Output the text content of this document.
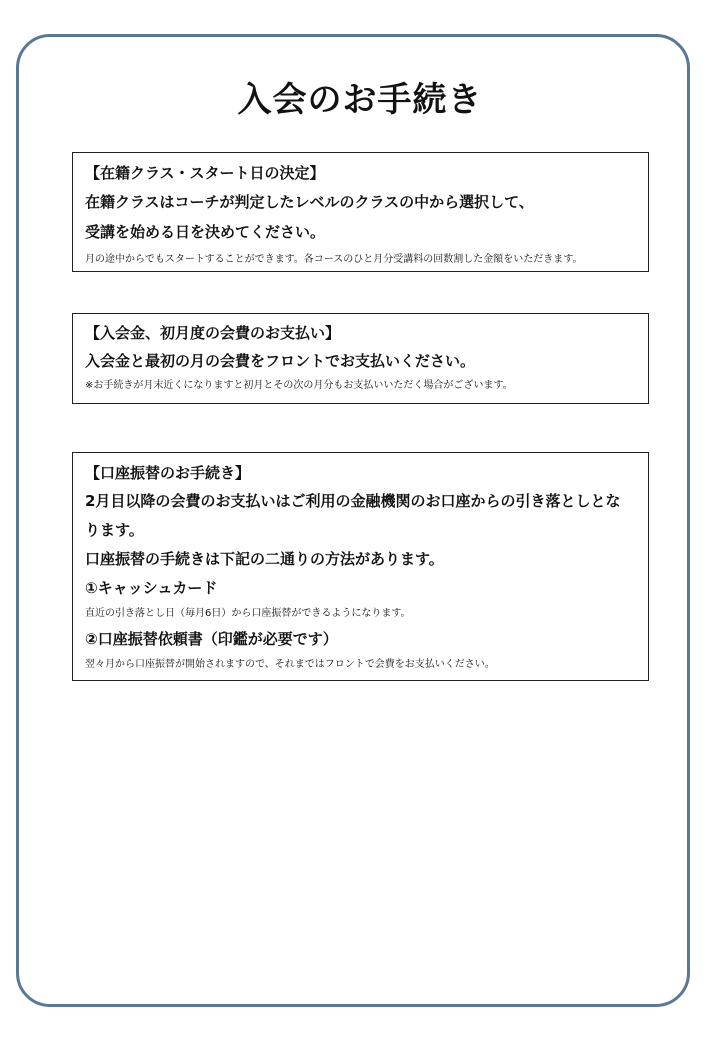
入会のお手続き
【在籍クラス・スタート日の決定】
在籍クラスはコーチが判定したレベルのクラスの中から選択して、
受講を始める日を決めてください。
月の途中からでもスタートすることができます。各コースのひと月分受講料の回数割した金額をいただきます。
【入会金、初月度の会費のお支払い】
入会金と最初の月の会費をフロントでお支払いください。
※お手続きが月末近くになりますと初月とその次の月分もお支払いいただく場合がございます。
【口座振替のお手続き】
2月目以降の会費のお支払いはご利用の金融機関のお口座からの引き落としとな
ります。
口座振替の手続きは下記の二通りの方法があります。
①キャッシュカード
直近の引き落とし日（毎月6日）から口座振替ができるようになります。
②口座振替依頼書（印鑑が必要です）
翌々月から口座振替が開始されますので、それまではフロントで会費をお支払いください。
